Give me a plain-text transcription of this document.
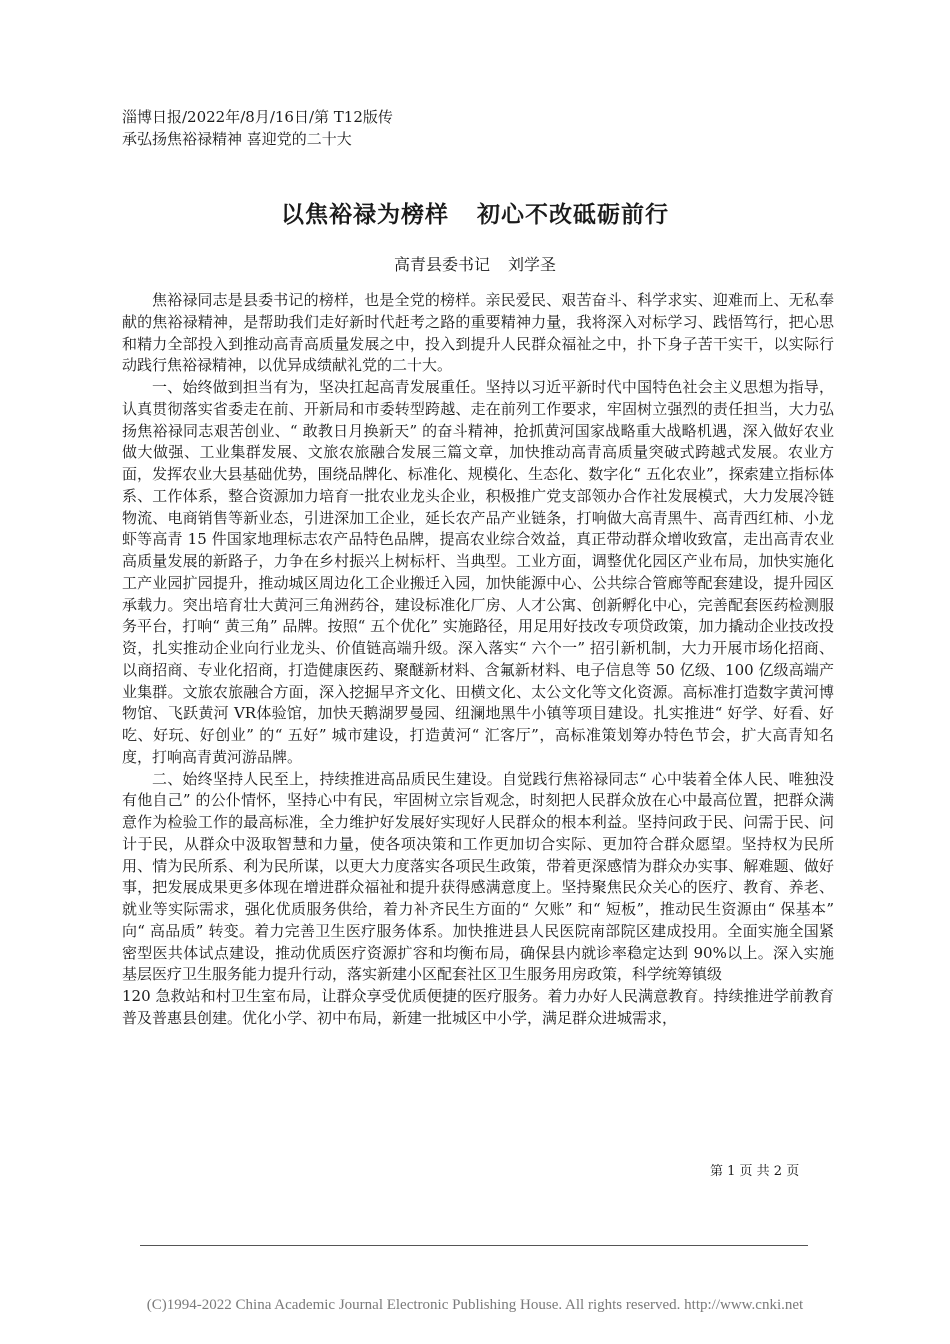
淄博日报/2022年/8月/16日/第 T12版传承弘扬焦裕禄精神 喜迎党的二十大
以焦裕禄为榜样 初心不改砥砺前行
高青县委书记 刘学圣

焦裕禄同志是县委书记的榜样，也是全党的榜样。亲民爱民、艰苦奋斗、科学求实、迎难而上、无私奉献的焦裕禄精神，是帮助我们走好新时代赶考之路的重要精神力量，我将深入对标学习、践悟笃行，把心思和精力全部投入到推动高青高质量发展之中，投入到提升人民群众福祉之中，扑下身子苦干实干，以实际行动践行焦裕禄精神，以优异成绩献礼党的二十大。

一、始终做到担当有为，坚决扛起高青发展重任。坚持以习近平新时代中国特色社会主义思想为指导，认真贯彻落实省委走在前、开新局和市委转型跨越、走在前列工作要求，牢固树立强烈的责任担当，大力弘扬焦裕禄同志艰苦创业、“ 敢教日月换新天” 的奋斗精神，抢抓黄河国家战略重大战略机遇，深入做好农业做大做强、工业集群发展、文旅农旅融合发展三篇文章，加快推动高青高质量突破式跨越式发展。农业方面，发挥农业大县基础优势，围绕品牌化、标准化、规模化、生态化、数字化“ 五化农业”，探索建立指标体系、工作体系，整合资源加力培育一批农业龙头企业，积极推广党支部领办合作社发展模式，大力发展冷链物流、电商销售等新业态，引进深加工企业，延长农产品产业链条，打响做大高青黑牛、高青西红柿、小龙虾等高青 15 件国家地理标志农产品特色品牌，提高农业综合效益，真正带动群众增收致富，走出高青农业高质量发展的新路子，力争在乡村振兴上树标杆、当典型。工业方面，调整优化园区产业布局，加快实施化工产业园扩园提升，推动城区周边化工企业搬迁入园，加快能源中心、公共综合管廊等配套建设，提升园区承载力。突出培育壮大黄河三角洲药谷，建设标准化厂房、人才公寓、创新孵化中心，完善配套医药检测服务平台，打响“ 黄三角” 品牌。按照“ 五个优化” 实施路径，用足用好技改专项贷政策，加力撬动企业技改投资，扎实推动企业向行业龙头、价值链高端升级。深入落实“ 六个一” 招引新机制，大力开展市场化招商、以商招商、专业化招商，打造健康医药、聚醚新材料、含氟新材料、电子信息等 50 亿级、100 亿级高端产业集群。文旅农旅融合方面，深入挖掘早齐文化、田横文化、太公文化等文化资源。高标准打造数字黄河博物馆、飞跃黄河 VR体验馆，加快天鹅湖罗曼园、纽澜地黑牛小镇等项目建设。扎实推进“ 好学、好看、好吃、好玩、好创业” 的“ 五好” 城市建设，打造黄河“ 汇客厅”，高标准策划筹办特色节会，扩大高青知名度，打响高青黄河游品牌。

二、始终坚持人民至上，持续推进高品质民生建设。自觉践行焦裕禄同志“ 心中装着全体人民、唯独没有他自己” 的公仆情怀，坚持心中有民，牢固树立宗旨观念，时刻把人民群众放在心中最高位置，把群众满意作为检验工作的最高标准，全力维护好发展好实现好人民群众的根本利益。坚持问政于民、问需于民、问计于民，从群众中汲取智慧和力量，使各项决策和工作更加切合实际、更加符合群众愿望。坚持权为民所用、情为民所系、利为民所谋，以更大力度落实各项民生政策，带着更深感情为群众办实事、解难题、做好事，把发展成果更多体现在增进群众福祉和提升获得感满意度上。坚持聚焦民众关心的医疗、教育、养老、就业等实际需求，强化优质服务供给，着力补齐民生方面的“ 欠账” 和“ 短板”，推动民生资源由“ 保基本” 向“ 高品质” 转变。着力完善卫生医疗服务体系。加快推进县人民医院南部院区建成投用。全面实施全国紧密型医共体试点建设，推动优质医疗资源扩容和均衡布局，确保县内就诊率稳定达到 90%以上。深入实施基层医疗卫生服务能力提升行动，落实新建小区配套社区卫生服务用房政策，科学统筹镇级

120 急救站和村卫生室布局，让群众享受优质便捷的医疗服务。着力办好人民满意教育。持续推进学前教育普及普惠县创建。优化小学、初中布局，新建一批城区中小学，满足群众进城需求，

第 1 页 共 2 页
(C)1994-2022 China Academic Journal Electronic Publishing House. All rights reserved. http://www.cnki.net
